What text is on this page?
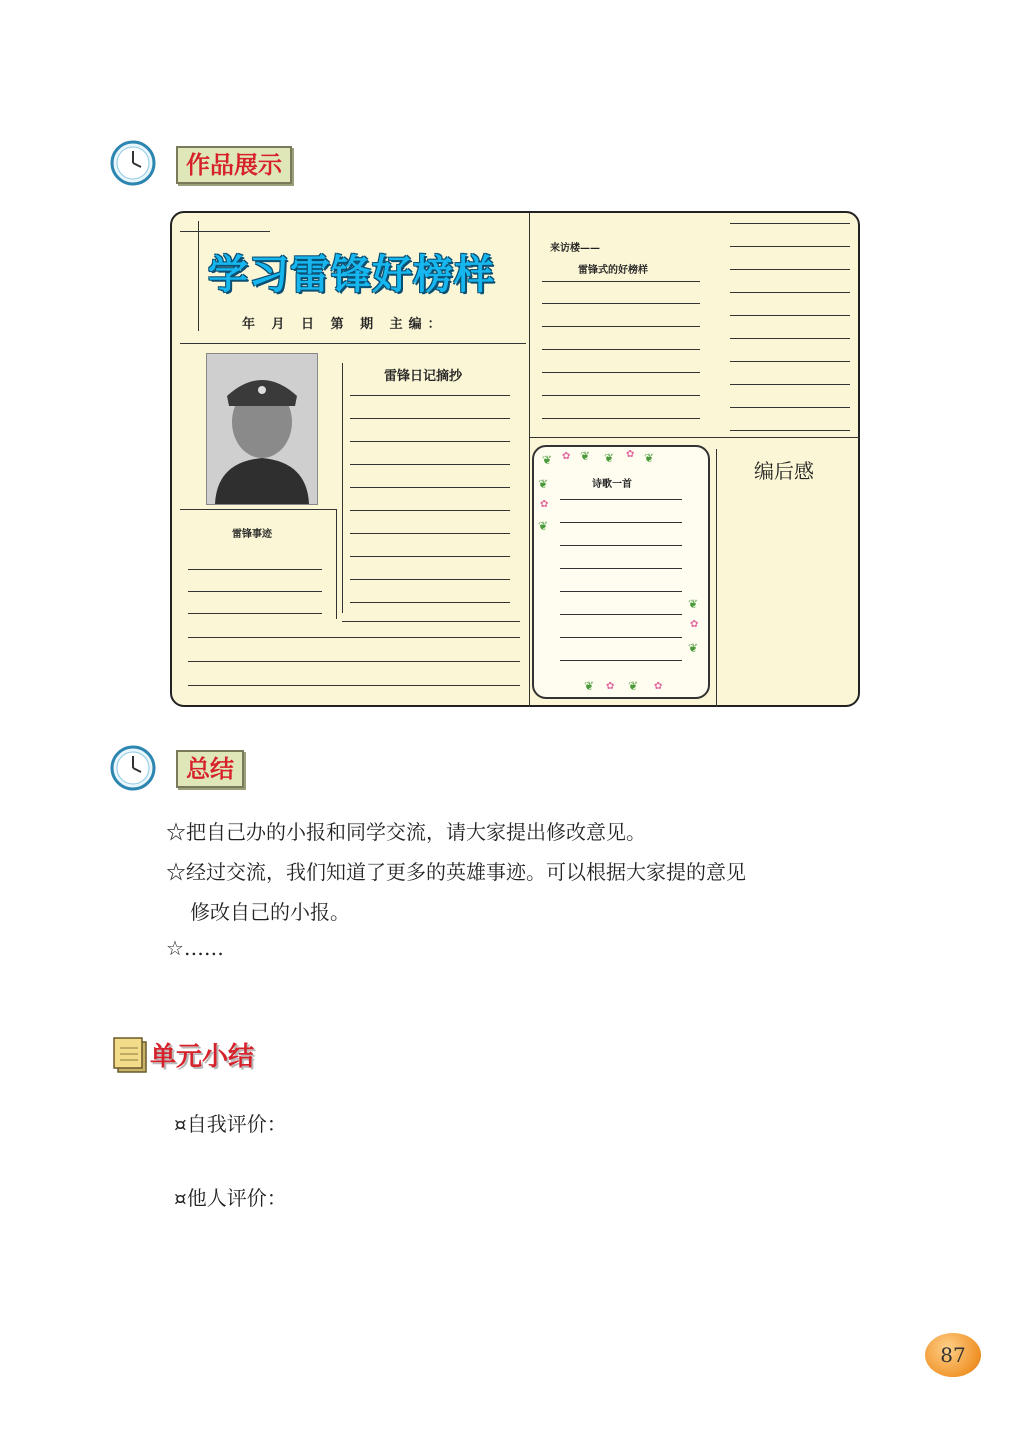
作品展示
学习雷锋好榜样
年 月 日 第 期 主编：
雷锋事迹
雷锋日记摘抄
来访楼——
雷锋式的好榜样
❦ ✿ ❦ ❦ ✿ ❦
❦
✿
❦
❦
✿
❦
❦ ✿ ❦ ✿
诗歌一首
编后感
总结
☆把自己办的小报和同学交流，请大家提出修改意见。
☆经过交流，我们知道了更多的英雄事迹。可以根据大家提的意见
修改自己的小报。
☆……
单元小结
¤自我评价：
¤他人评价：
87
